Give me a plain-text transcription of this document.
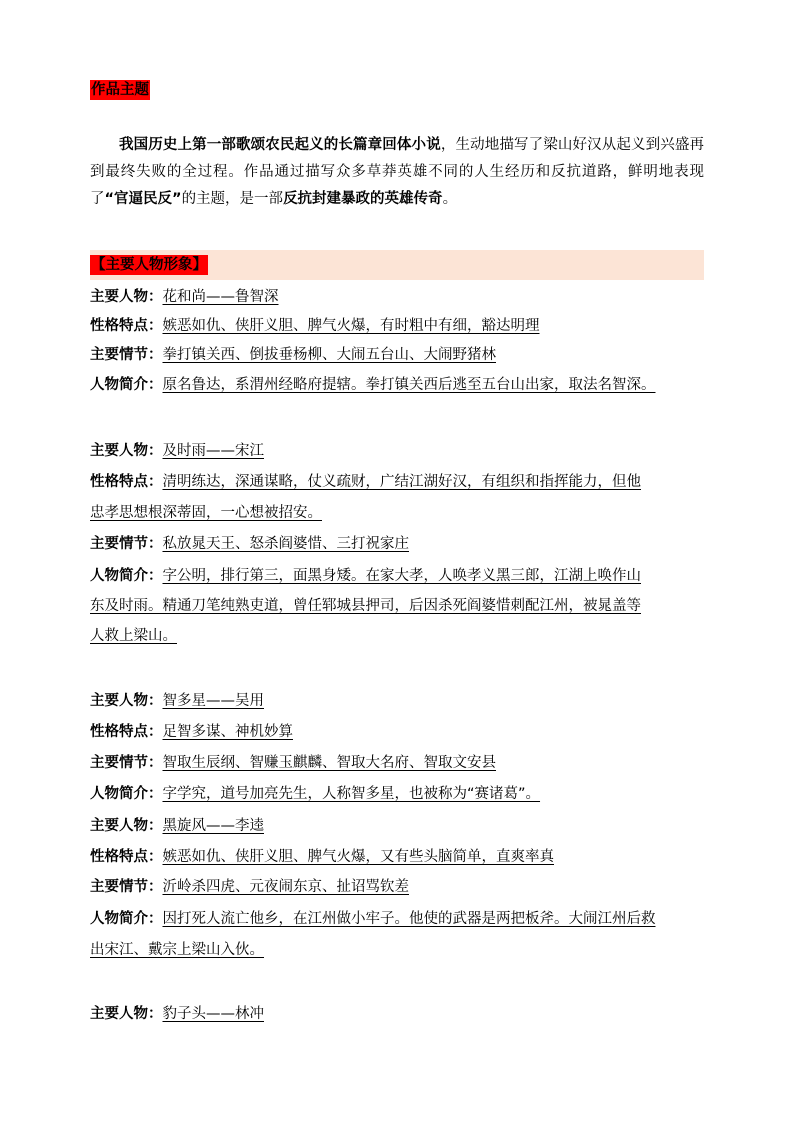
作品主题
我国历史上第一部歌颂农民起义的长篇章回体小说，生动地描写了梁山好汉从起义到兴盛再到最终失败的全过程。作品通过描写众多草莽英雄不同的人生经历和反抗道路，鲜明地表现了“官逼民反”的主题，是一部反抗封建暴政的英雄传奇。
【主要人物形象】
主要人物：花和尚——鲁智深
性格特点：嫉恶如仇、侠肝义胆、脾气火爆，有时粗中有细，豁达明理
主要情节：拳打镇关西、倒拔垂杨柳、大闹五台山、大闹野猪林
人物简介：原名鲁达，系渭州经略府提辖。拳打镇关西后逃至五台山出家，取法名智深。
主要人物：及时雨——宋江
性格特点：清明练达，深通谋略，仗义疏财，广结江湖好汉，有组织和指挥能力，但他
忠孝思想根深蒂固，一心想被招安。
主要情节：私放晁天王、怒杀阎婆惜、三打祝家庄
人物简介：字公明，排行第三，面黑身矮。在家大孝，人唤孝义黑三郎，江湖上唤作山
东及时雨。精通刀笔纯熟吏道，曾任郓城县押司，后因杀死阎婆惜刺配江州，被晁盖等
人救上梁山。
主要人物：智多星——吴用
性格特点：足智多谋、神机妙算
主要情节：智取生辰纲、智赚玉麒麟、智取大名府、智取文安县
人物简介：字学究，道号加亮先生，人称智多星，也被称为“赛诸葛”。
主要人物：黑旋风——李逵
性格特点：嫉恶如仇、侠肝义胆、脾气火爆，又有些头脑简单，直爽率真
主要情节：沂岭杀四虎、元夜闹东京、扯诏骂钦差
人物简介：因打死人流亡他乡，在江州做小牢子。他使的武器是两把板斧。大闹江州后救
出宋江、戴宗上梁山入伙。
主要人物：豹子头——林冲
